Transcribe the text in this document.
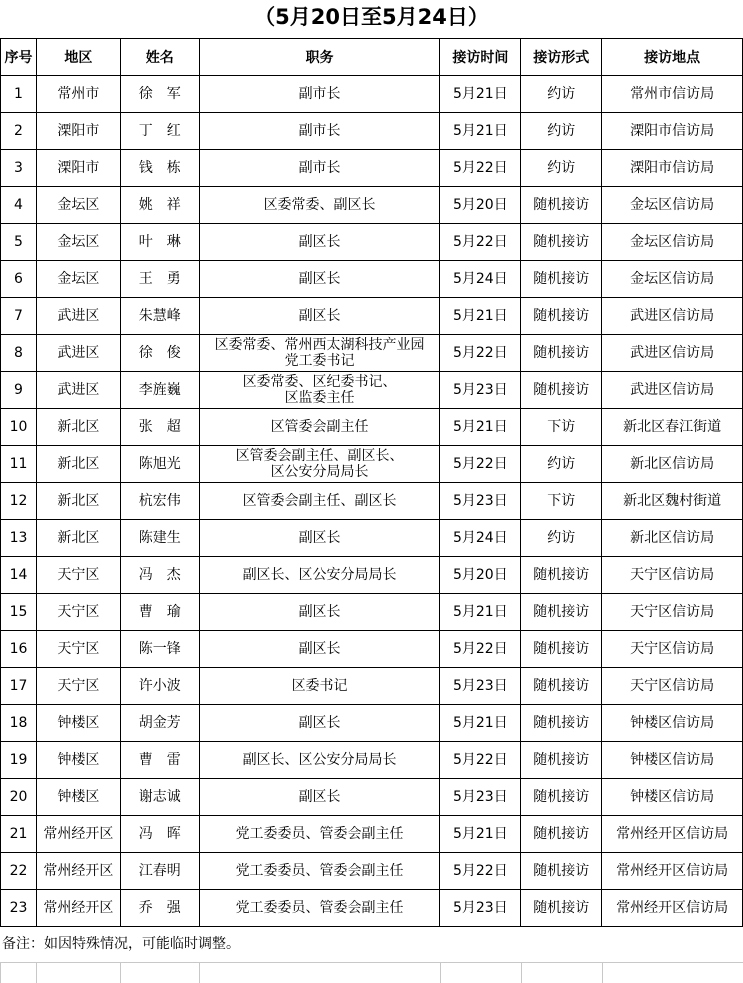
（5月20日至5月24日）
序号	地区	姓名	职务	接访时间	接访形式	接访地点
1	常州市	徐　军	副市长	5月21日	约访	常州市信访局
2	溧阳市	丁　红	副市长	5月21日	约访	溧阳市信访局
3	溧阳市	钱　栋	副市长	5月22日	约访	溧阳市信访局
4	金坛区	姚　祥	区委常委、副区长	5月20日	随机接访	金坛区信访局
5	金坛区	叶　琳	副区长	5月22日	随机接访	金坛区信访局
6	金坛区	王　勇	副区长	5月24日	随机接访	金坛区信访局
7	武进区	朱慧峰	副区长	5月21日	随机接访	武进区信访局
8	武进区	徐　俊	区委常委、常州西太湖科技产业园
党工委书记	5月22日	随机接访	武进区信访局
9	武进区	李旌巍	区委常委、区纪委书记、
区监委主任	5月23日	随机接访	武进区信访局
10	新北区	张　超	区管委会副主任	5月21日	下访	新北区春江街道
11	新北区	陈旭光	区管委会副主任、副区长、
区公安分局局长	5月22日	约访	新北区信访局
12	新北区	杭宏伟	区管委会副主任、副区长	5月23日	下访	新北区魏村街道
13	新北区	陈建生	副区长	5月24日	约访	新北区信访局
14	天宁区	冯　杰	副区长、区公安分局局长	5月20日	随机接访	天宁区信访局
15	天宁区	曹　瑜	副区长	5月21日	随机接访	天宁区信访局
16	天宁区	陈一锋	副区长	5月22日	随机接访	天宁区信访局
17	天宁区	许小波	区委书记	5月23日	随机接访	天宁区信访局
18	钟楼区	胡金芳	副区长	5月21日	随机接访	钟楼区信访局
19	钟楼区	曹　雷	副区长、区公安分局局长	5月22日	随机接访	钟楼区信访局
20	钟楼区	谢志诚	副区长	5月23日	随机接访	钟楼区信访局
21	常州经开区	冯　晖	党工委委员、管委会副主任	5月21日	随机接访	常州经开区信访局
22	常州经开区	江春明	党工委委员、管委会副主任	5月22日	随机接访	常州经开区信访局
23	常州经开区	乔　强	党工委委员、管委会副主任	5月23日	随机接访	常州经开区信访局
备注：如因特殊情况，可能临时调整。
